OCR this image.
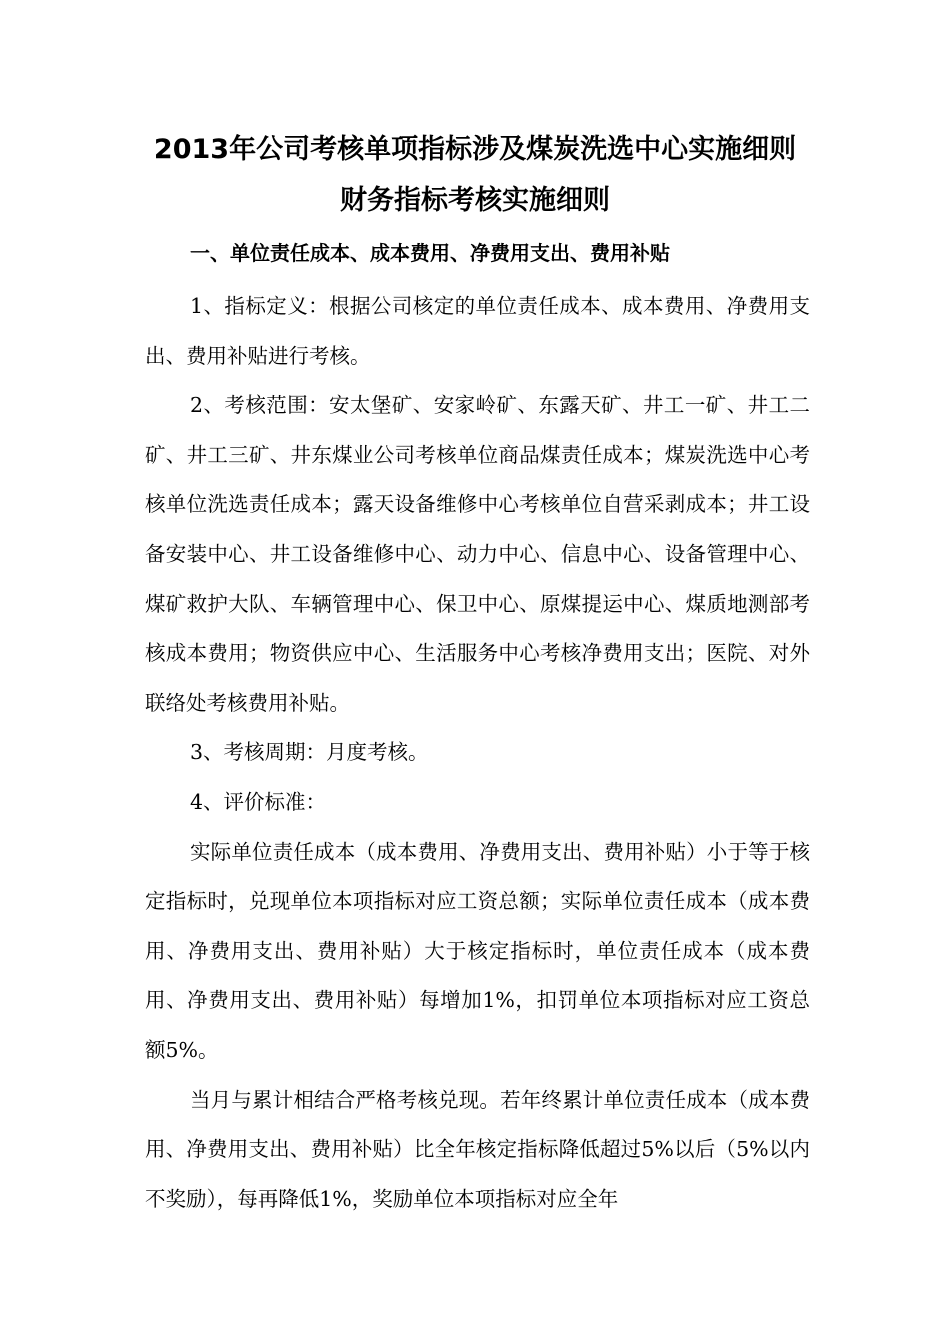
2013年公司考核单项指标涉及煤炭洗选中心实施细则
财务指标考核实施细则
一、单位责任成本、成本费用、净费用支出、费用补贴

1、指标定义：根据公司核定的单位责任成本、成本费用、净费用支出、费用补贴进行考核。

2、考核范围：安太堡矿、安家岭矿、东露天矿、井工一矿、井工二矿、井工三矿、井东煤业公司考核单位商品煤责任成本；煤炭洗选中心考核单位洗选责任成本；露天设备维修中心考核单位自营采剥成本；井工设备安装中心、井工设备维修中心、动力中心、信息中心、设备管理中心、煤矿救护大队、车辆管理中心、保卫中心、原煤提运中心、煤质地测部考核成本费用；物资供应中心、生活服务中心考核净费用支出；医院、对外联络处考核费用补贴。

3、考核周期：月度考核。

4、评价标准：

实际单位责任成本（成本费用、净费用支出、费用补贴）小于等于核定指标时，兑现单位本项指标对应工资总额；实际单位责任成本（成本费用、净费用支出、费用补贴）大于核定指标时，单位责任成本（成本费用、净费用支出、费用补贴）每增加1%，扣罚单位本项指标对应工资总额5%。

当月与累计相结合严格考核兑现。若年终累计单位责任成本（成本费用、净费用支出、费用补贴）比全年核定指标降低超过5%以后（5%以内不奖励），每再降低1%，奖励单位本项指标对应全年
